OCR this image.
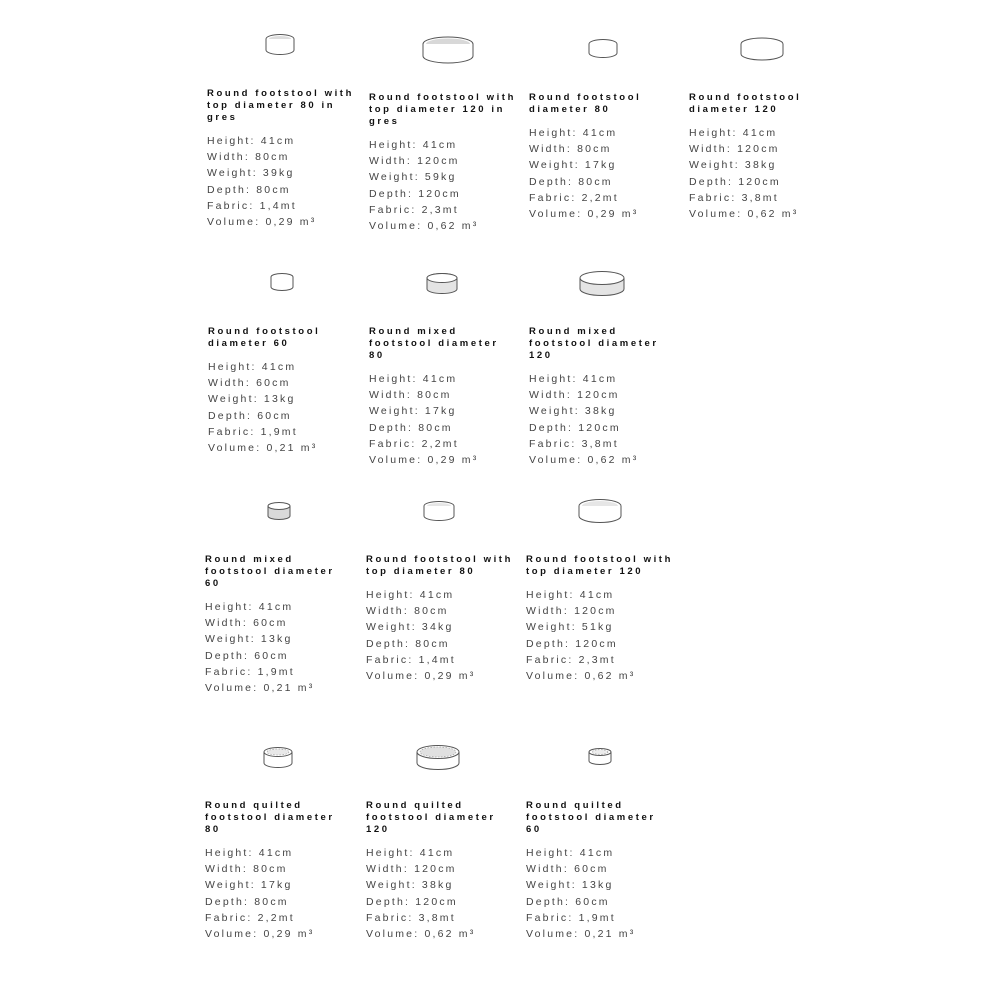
Round footstool with top diameter 80 in gres
Height: 41cm
Width: 80cm
Weight: 39kg
Depth: 80cm
Fabric: 1,4mt
Volume: 0,29 m³
Round footstool with top diameter 120 in gres
Height: 41cm
Width: 120cm
Weight: 59kg
Depth: 120cm
Fabric: 2,3mt
Volume: 0,62 m³
Round footstool diameter 80
Height: 41cm
Width: 80cm
Weight: 17kg
Depth: 80cm
Fabric: 2,2mt
Volume: 0,29 m³
Round footstool diameter 120
Height: 41cm
Width: 120cm
Weight: 38kg
Depth: 120cm
Fabric: 3,8mt
Volume: 0,62 m³
Round footstool diameter 60
Height: 41cm
Width: 60cm
Weight: 13kg
Depth: 60cm
Fabric: 1,9mt
Volume: 0,21 m³
Round mixed footstool diameter 80
Height: 41cm
Width: 80cm
Weight: 17kg
Depth: 80cm
Fabric: 2,2mt
Volume: 0,29 m³
Round mixed footstool diameter 120
Height: 41cm
Width: 120cm
Weight: 38kg
Depth: 120cm
Fabric: 3,8mt
Volume: 0,62 m³
Round mixed footstool diameter 60
Height: 41cm
Width: 60cm
Weight: 13kg
Depth: 60cm
Fabric: 1,9mt
Volume: 0,21 m³
Round footstool with top diameter 80
Height: 41cm
Width: 80cm
Weight: 34kg
Depth: 80cm
Fabric: 1,4mt
Volume: 0,29 m³
Round footstool with top diameter 120
Height: 41cm
Width: 120cm
Weight: 51kg
Depth: 120cm
Fabric: 2,3mt
Volume: 0,62 m³
Round quilted footstool diameter 80
Height: 41cm
Width: 80cm
Weight: 17kg
Depth: 80cm
Fabric: 2,2mt
Volume: 0,29 m³
Round quilted footstool diameter 120
Height: 41cm
Width: 120cm
Weight: 38kg
Depth: 120cm
Fabric: 3,8mt
Volume: 0,62 m³
Round quilted footstool diameter 60
Height: 41cm
Width: 60cm
Weight: 13kg
Depth: 60cm
Fabric: 1,9mt
Volume: 0,21 m³
